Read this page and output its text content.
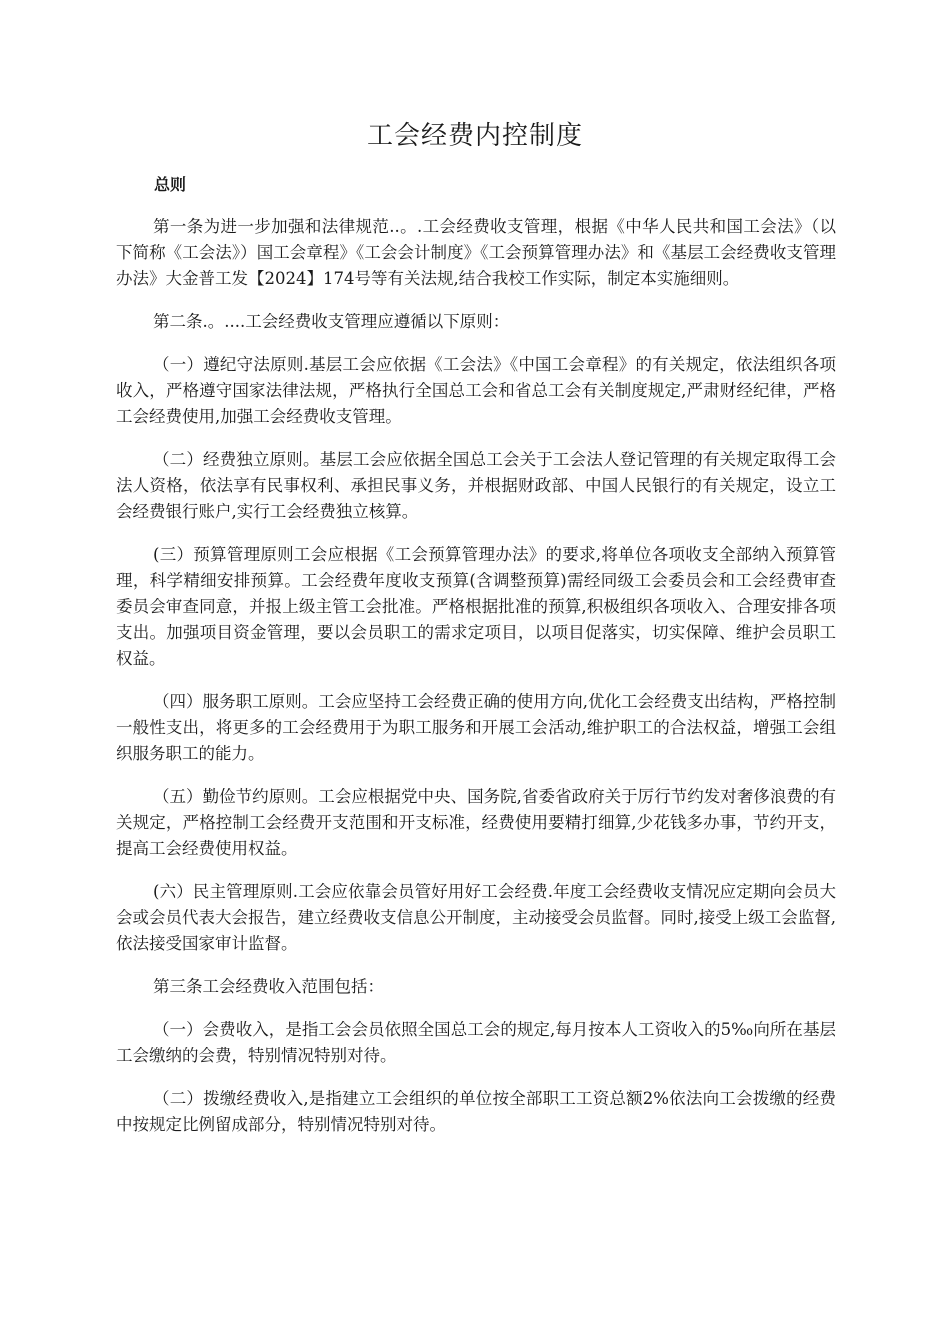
工会经费内控制度
总则

第一条为进一步加强和法律规范..。.工会经费收支管理，根据《中华人民共和国工会法》（以下简称《工会法》）国工会章程》《工会会计制度》《工会预算管理办法》和《基层工会经费收支管理办法》大金普工发【2024】174号等有关法规,结合我校工作实际，制定本实施细则。

第二条.。....工会经费收支管理应遵循以下原则：

（一）遵纪守法原则.基层工会应依据《工会法》《中国工会章程》的有关规定，依法组织各项收入，严格遵守国家法律法规，严格执行全国总工会和省总工会有关制度规定,严肃财经纪律，严格工会经费使用,加强工会经费收支管理。

（二）经费独立原则。基层工会应依据全国总工会关于工会法人登记管理的有关规定取得工会法人资格，依法享有民事权利、承担民事义务，并根据财政部、中国人民银行的有关规定，设立工会经费银行账户,实行工会经费独立核算。

(三）预算管理原则工会应根据《工会预算管理办法》的要求,将单位各项收支全部纳入预算管理，科学精细安排预算。工会经费年度收支预算(含调整预算)需经同级工会委员会和工会经费审查委员会审查同意，并报上级主管工会批准。严格根据批准的预算,积极组织各项收入、合理安排各项支出。加强项目资金管理，要以会员职工的需求定项目，以项目促落实，切实保障、维护会员职工权益。

（四）服务职工原则。工会应坚持工会经费正确的使用方向,优化工会经费支出结构，严格控制一般性支出，将更多的工会经费用于为职工服务和开展工会活动,维护职工的合法权益，增强工会组织服务职工的能力。

（五）勤俭节约原则。工会应根据党中央、国务院,省委省政府关于厉行节约发对奢侈浪费的有关规定，严格控制工会经费开支范围和开支标准，经费使用要精打细算,少花钱多办事，节约开支，提高工会经费使用权益。

(六）民主管理原则.工会应依靠会员管好用好工会经费.年度工会经费收支情况应定期向会员大会或会员代表大会报告，建立经费收支信息公开制度，主动接受会员监督。同时,接受上级工会监督,依法接受国家审计监督。

第三条工会经费收入范围包括：

（一）会费收入，是指工会会员依照全国总工会的规定,每月按本人工资收入的5‰向所在基层工会缴纳的会费，特别情况特别对待。

（二）拨缴经费收入,是指建立工会组织的单位按全部职工工资总额2%依法向工会拨缴的经费中按规定比例留成部分，特别情况特别对待。
